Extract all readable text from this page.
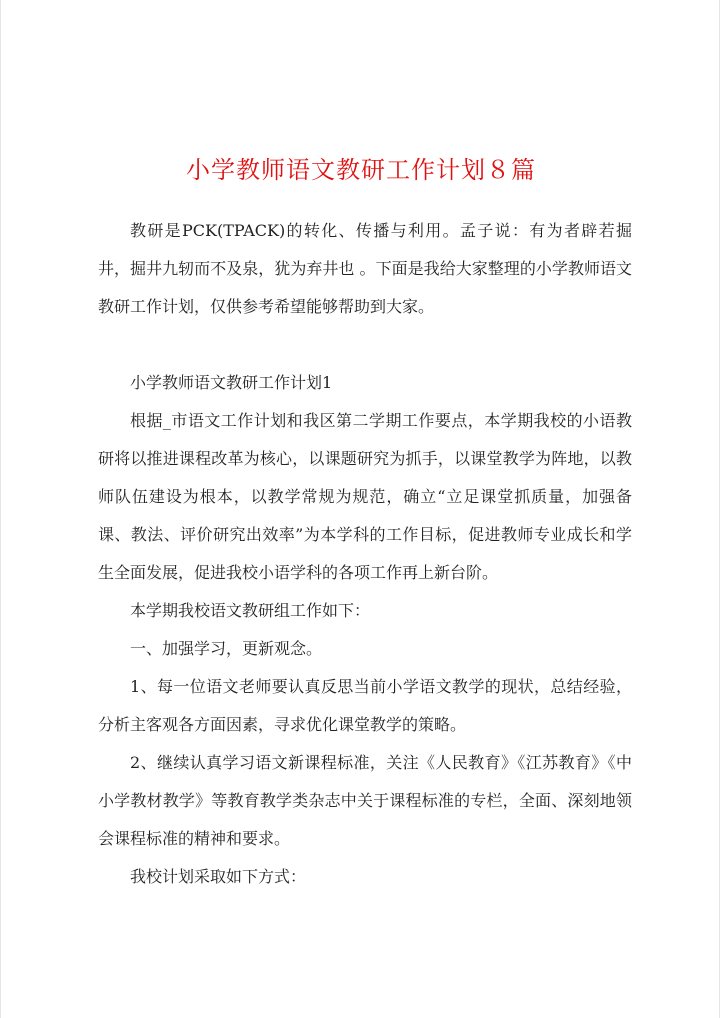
小学教师语文教研工作计划８篇

教研是PCK(TPACK)的转化、传播与利用。孟子说：有为者辟若掘井，掘井九轫而不及泉，犹为弃井也 。下面是我给大家整理的小学教师语文教研工作计划，仅供参考希望能够帮助到大家。

小学教师语文教研工作计划1

根据_市语文工作计划和我区第二学期工作要点，本学期我校的小语教研将以推进课程改革为核心，以课题研究为抓手，以课堂教学为阵地，以教师队伍建设为根本，以教学常规为规范，确立“立足课堂抓质量，加强备课、教法、评价研究出效率”为本学科的工作目标，促进教师专业成长和学生全面发展，促进我校小语学科的各项工作再上新台阶。

本学期我校语文教研组工作如下：

一、加强学习，更新观念。

1、每一位语文老师要认真反思当前小学语文教学的现状，总结经验，分析主客观各方面因素，寻求优化课堂教学的策略。

2、继续认真学习语文新课程标准，关注《人民教育》《江苏教育》《中小学教材教学》等教育教学类杂志中关于课程标准的专栏，全面、深刻地领会课程标准的精神和要求。

我校计划采取如下方式：
